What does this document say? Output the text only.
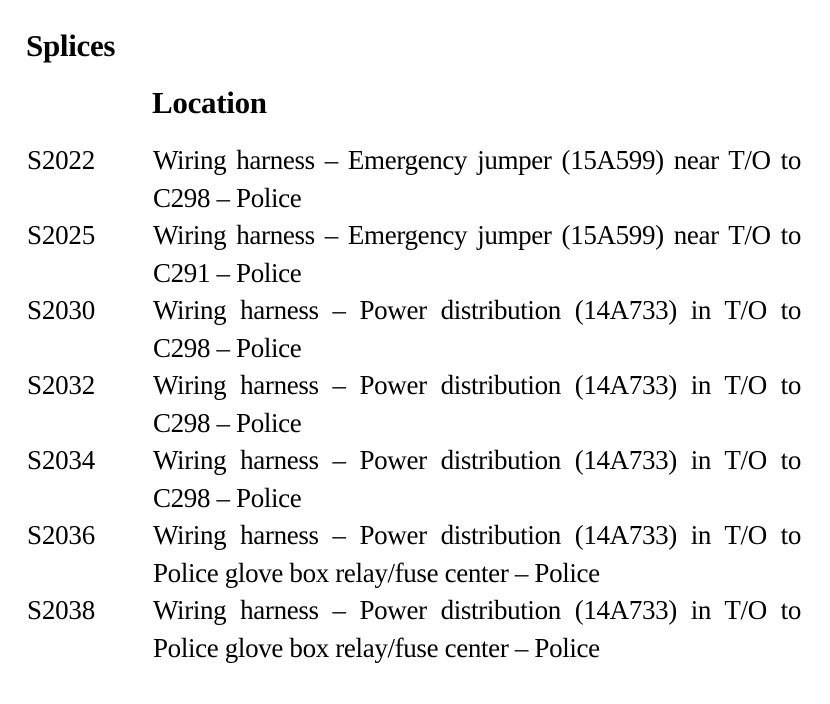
Splices
Location
S2022 Wiring harness – Emergency jumper (15A599) near T/O to C298 – Police
S2025 Wiring harness – Emergency jumper (15A599) near T/O to C291 – Police
S2030 Wiring harness – Power distribution (14A733) in T/O to C298 – Police
S2032 Wiring harness – Power distribution (14A733) in T/O to C298 – Police
S2034 Wiring harness – Power distribution (14A733) in T/O to C298 – Police
S2036 Wiring harness – Power distribution (14A733) in T/O to Police glove box relay/fuse center – Police
S2038 Wiring harness – Power distribution (14A733) in T/O to Police glove box relay/fuse center – Police
